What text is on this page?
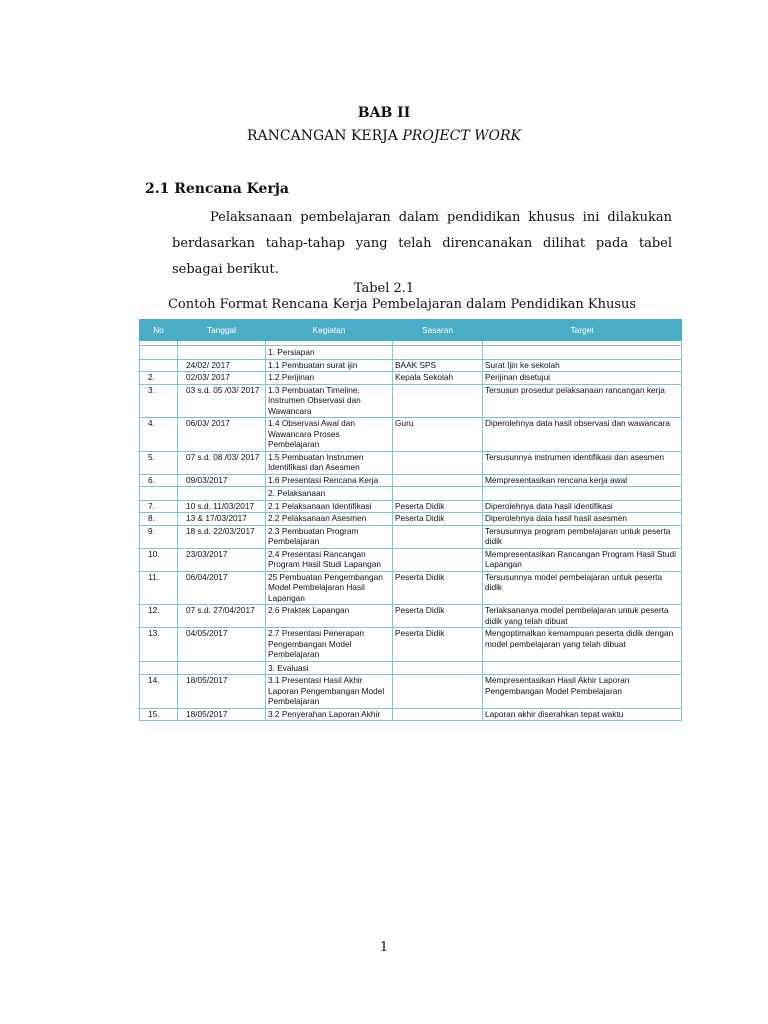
BAB II
RANCANGAN KERJA PROJECT WORK
2.1 Rencana Kerja
Pelaksanaan pembelajaran dalam pendidikan khusus ini dilakukan berdasarkan tahap-tahap yang telah direncanakan dilihat pada tabel sebagai berikut.
Tabel 2.1
Contoh Format Rencana Kerja Pembelajaran dalam Pendidikan Khusus
No	Tanggal	Kegiatan	Sasaran	Target

		1. Persiapan		
	24/02/ 2017	1.1 Pembuatan surat ijin	BAAK SPS	Surat Ijin ke sekolah
2.	02/03/ 2017	1.2 Perijinan	Kepala Sekolah	Perijinan disetujui
3.	03 s.d. 05 /03/ 2017	1.3 Pembuatan Timeline, Instrumen Observasi dan Wawancara		Tersusun prosedur pelaksanaan rancangan kerja
4.	06/03/ 2017	1.4 Observasi Awal dan Wawancara Proses Pembelajaran	Guru	Diperolehnya data hasil observasi dan wawancara
5.	07 s.d. 08 /03/ 2017	1.5 Pembuatan Instrumen Identifikasi dan Asesmen		Tersusunnya instrumen identifikasi dan asesmen
6.	09/03/2017	1.6 Presentasi Rencana Kerja		Mempresentasikan rencana kerja awal
		2. Pelaksanaan		
7.	10 s.d. 11/03/2017	2.1 Pelaksanaan Identifikasi	Peserta Didik	Diperolehnya data hasil identifikasi
8.	13 & 17/03/2017	2.2 Pelaksanaan Asesmen	Peserta Didik	Diperolehnya data hasil hasil asesmen
9.	18 s.d. 22/03/2017	2.3 Pembuatan Program Pembelajaran		Tersusunnya program pembelajaran untuk peserta didik
10.	23/03/2017	2.4 Presentasi Rancangan Program Hasil Studi Lapangan		Mempresentasikan Rancangan Program Hasil Studi Lapangan
11.	06/04/2017	25 Pembuatan Pengembangan Model Pembelajaran Hasil Lapangan	Peserta Didik	Tersusunnya model pembelajaran untuk peserta didik
12.	07 s.d. 27/04/2017	2.6 Praktek Lapangan	Peserta Didik	Terlaksananya model pembelajaran untuk peserta didik yang telah dibuat
13.	04/05/2017	2.7 Presentasi Penerapan Pengembangan Model Pembelajaran	Peserta Didik	Mengoptimalkan kemampuan peserta didik dengan model pembelajaran yang telah dibuat
		3. Evaluasi		
14.	18/05/2017	3.1 Presentasi Hasil Akhir Laporan Pengembangan Model Pembelajaran		Mempresentasikan Hasil Akhir Laporan Pengembangan Model Pembelajaran
15.	18/05/2017	3.2 Penyerahan Laporan Akhir		Laporan akhir diserahkan tepat waktu
1
